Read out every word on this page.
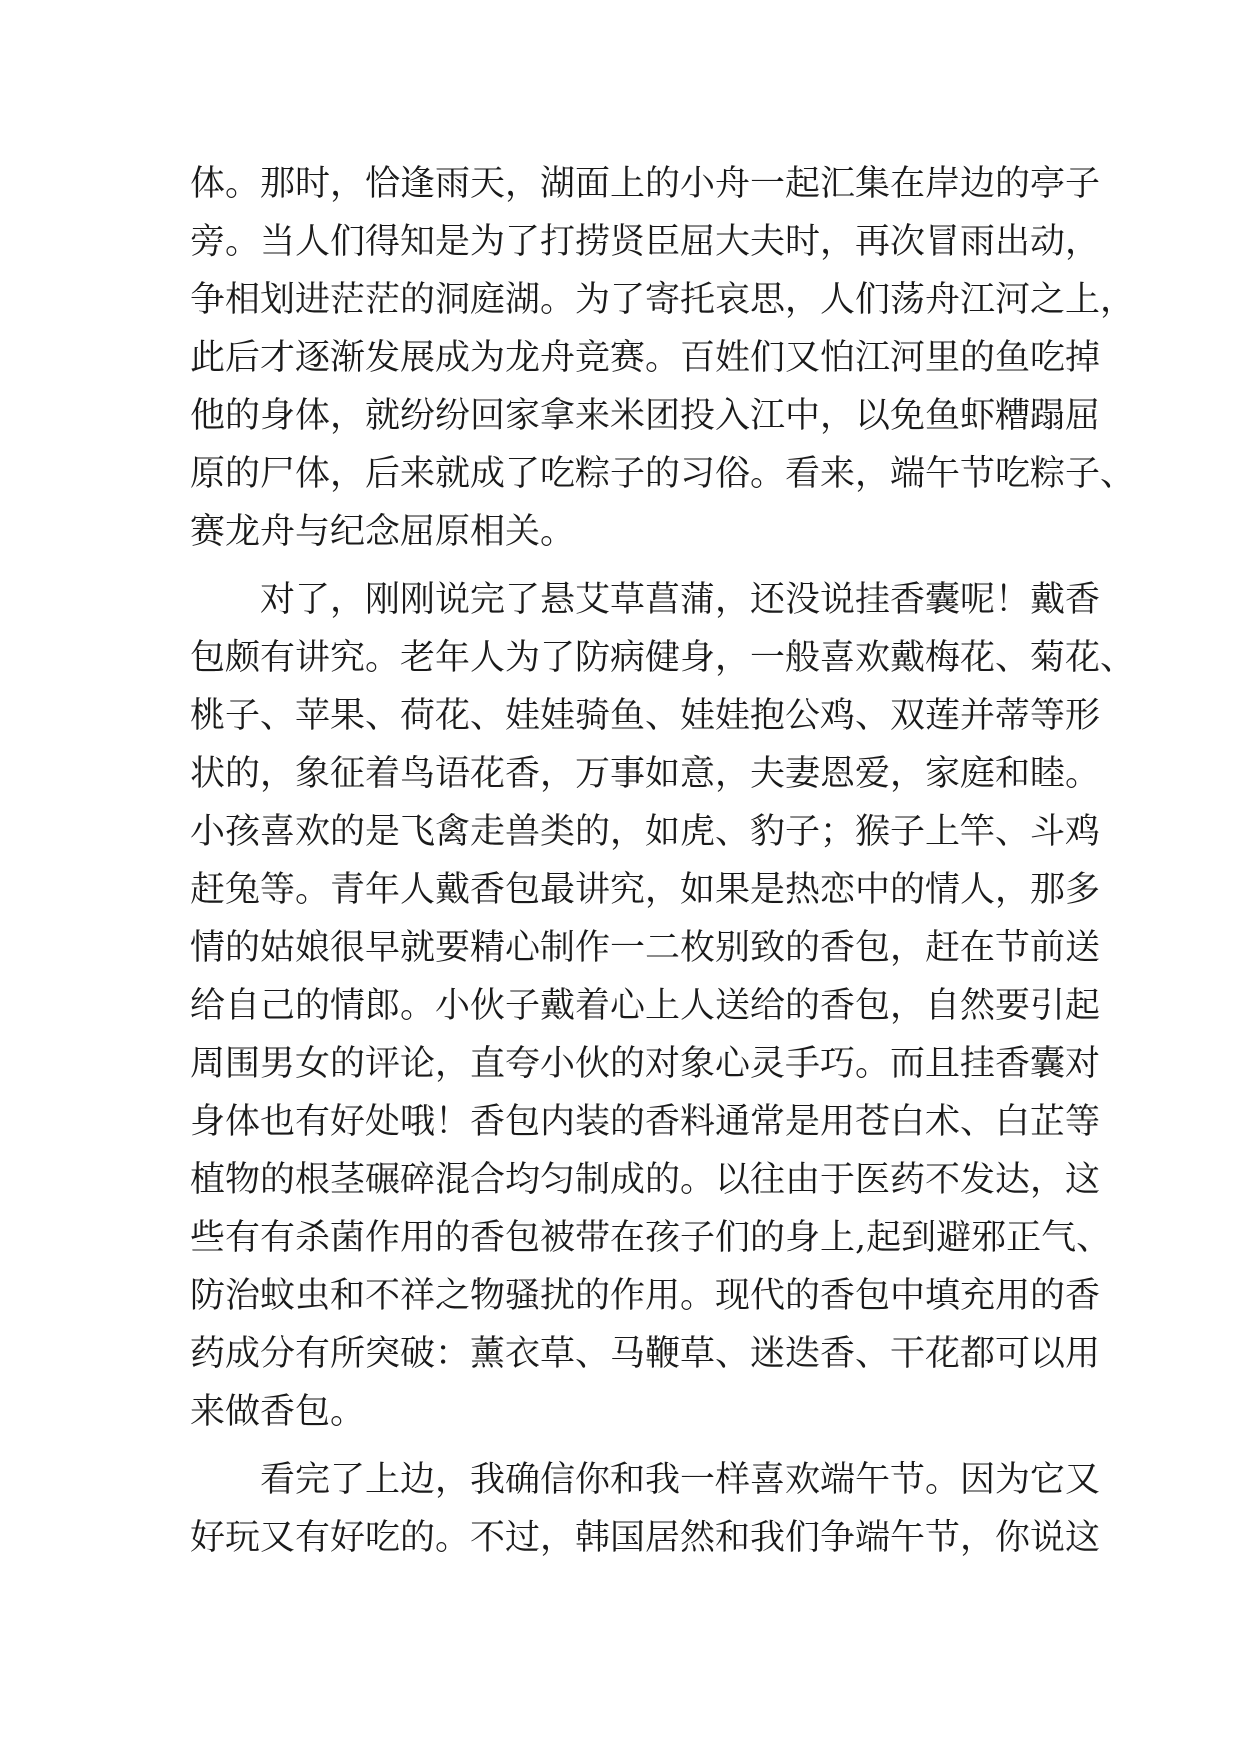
体。那时，恰逢雨天，湖面上的小舟一起汇集在岸边的亭子
旁。当人们得知是为了打捞贤臣屈大夫时，再次冒雨出动，
争相划进茫茫的洞庭湖。为了寄托哀思，人们荡舟江河之上，
此后才逐渐发展成为龙舟竞赛。百姓们又怕江河里的鱼吃掉
他的身体，就纷纷回家拿来米团投入江中，以免鱼虾糟蹋屈
原的尸体，后来就成了吃粽子的习俗。看来，端午节吃粽子、
赛龙舟与纪念屈原相关。
对了，刚刚说完了悬艾草菖蒲，还没说挂香囊呢！戴香
包颇有讲究。老年人为了防病健身，一般喜欢戴梅花、菊花、
桃子、苹果、荷花、娃娃骑鱼、娃娃抱公鸡、双莲并蒂等形
状的，象征着鸟语花香，万事如意，夫妻恩爱，家庭和睦。
小孩喜欢的是飞禽走兽类的，如虎、豹子；猴子上竿、斗鸡
赶兔等。青年人戴香包最讲究，如果是热恋中的情人，那多
情的姑娘很早就要精心制作一二枚别致的香包，赶在节前送
给自己的情郎。小伙子戴着心上人送给的香包，自然要引起
周围男女的评论，直夸小伙的对象心灵手巧。而且挂香囊对
身体也有好处哦！香包内装的香料通常是用苍白术、白芷等
植物的根茎碾碎混合均匀制成的。以往由于医药不发达，这
些有有杀菌作用的香包被带在孩子们的身上,起到避邪正气、
防治蚊虫和不祥之物骚扰的作用。现代的香包中填充用的香
药成分有所突破：薰衣草、马鞭草、迷迭香、干花都可以用
来做香包。
看完了上边，我确信你和我一样喜欢端午节。因为它又
好玩又有好吃的。不过，韩国居然和我们争端午节，你说这
